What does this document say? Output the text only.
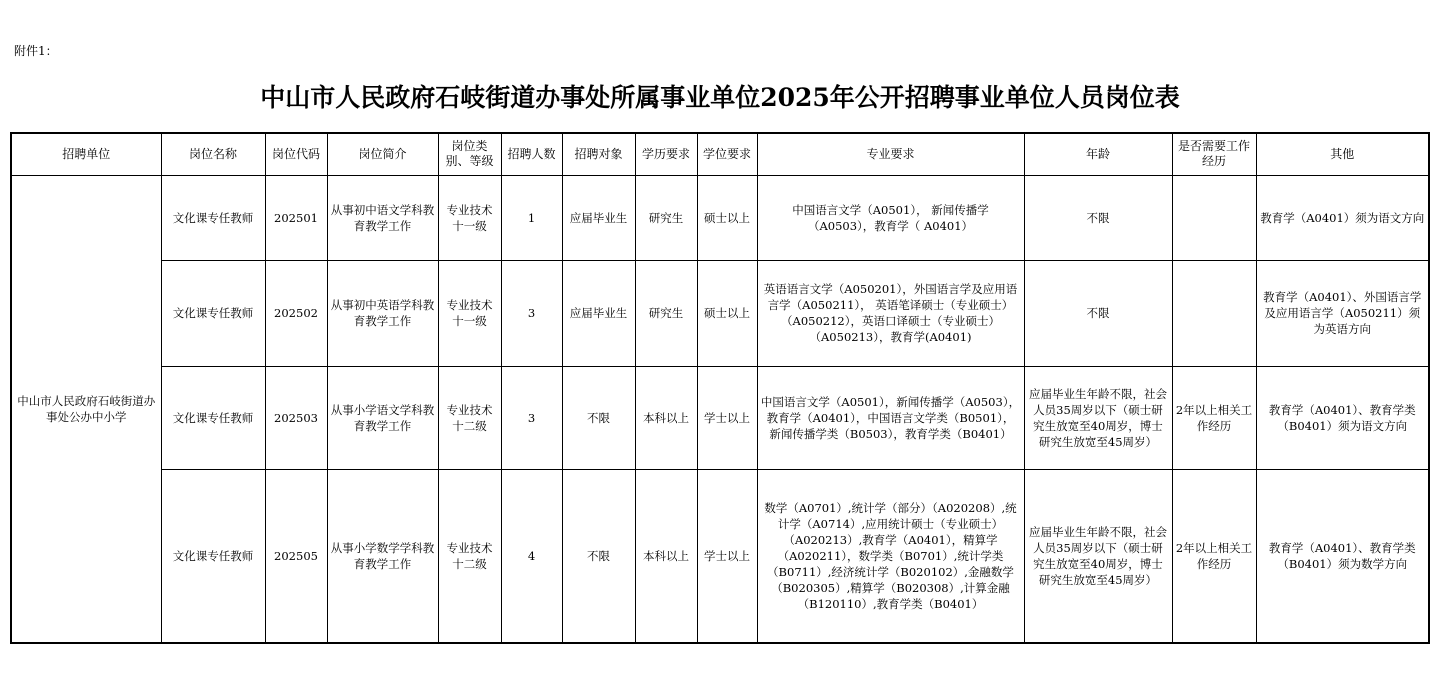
附件1：
中山市人民政府石岐街道办事处所属事业单位2025年公开招聘事业单位人员岗位表
招聘单位	岗位名称	岗位代码	岗位简介	岗位类别、等级	招聘人数	招聘对象	学历要求	学位要求	专业要求	年龄	是否需要工作经历	其他
中山市人民政府石岐街道办事处公办中小学	文化课专任教师	202501	从事初中语文学科教育教学工作	专业技术十一级	1	应届毕业生	研究生	硕士以上	中国语言文学（A0501）， 新闻传播学（A0503），教育学（ A0401）	不限		教育学（A0401）须为语文方向
	文化课专任教师	202502	从事初中英语学科教育教学工作	专业技术十一级	3	应届毕业生	研究生	硕士以上	英语语言文学（A050201），外国语言学及应用语言学（A050211）， 英语笔译硕士（专业硕士）（A050212），英语口译硕士（专业硕士） （A050213），教育学(A0401)	不限		教育学（A0401）、外国语言学及应用语言学（A050211）须为英语方向
	文化课专任教师	202503	从事小学语文学科教育教学工作	专业技术十二级	3	不限	本科以上	学士以上	中国语言文学（A0501），新闻传播学（A0503）， 教育学（A0401），中国语言文学类（B0501）， 新闻传播学类（B0503），教育学类（B0401）	应届毕业生年龄不限，社会人员35周岁以下（硕士研究生放宽至40周岁，博士研究生放宽至45周岁）	2年以上相关工作经历	教育学（A0401）、教育学类（B0401）须为语文方向
	文化课专任教师	202505	从事小学数学学科教育教学工作	专业技术十二级	4	不限	本科以上	学士以上	数学（A0701）,统计学（部分）（A020208）,统计学（A0714）,应用统计硕士（专业硕士）（A020213）,教育学（A0401），精算学（A020211），数学类（B0701）,统计学类（B0711）,经济统计学（B020102）,金融数学（B020305）,精算学（B020308）,计算金融（B120110）,教育学类（B0401）	应届毕业生年龄不限，社会人员35周岁以下（硕士研究生放宽至40周岁，博士研究生放宽至45周岁）	2年以上相关工作经历	教育学（A0401）、教育学类（B0401）须为数学方向
